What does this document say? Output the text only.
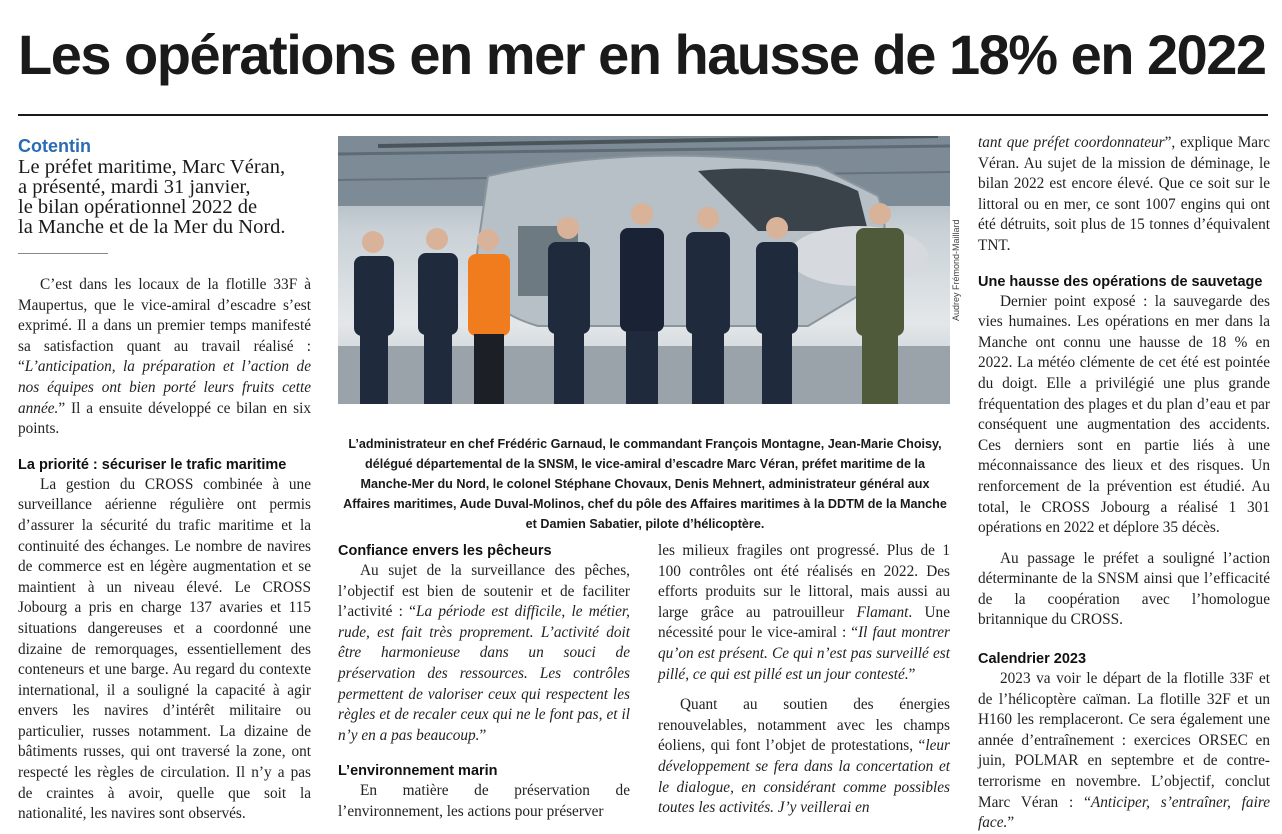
Les opérations en mer en hausse de 18% en 2022
Cotentin
Le préfet maritime, Marc Véran,
a présenté, mardi 31 janvier,
le bilan opérationnel 2022 de
la Manche et de la Mer du Nord.

C’est dans les locaux de la flotille 33F à Maupertus, que le vice-amiral d’escadre s’est exprimé. Il a dans un premier temps manifesté sa satisfaction quant au travail réalisé : “L’anticipation, la préparation et l’action de nos équipes ont bien porté leurs fruits cette année.” Il a ensuite développé ce bilan en six points.

La priorité : sécuriser le trafic maritime

La gestion du CROSS combinée à une surveillance aérienne régulière ont permis d’assurer la sécurité du trafic maritime et la continuité des échanges. Le nombre de navires de commerce est en légère augmentation et se maintient à un niveau élevé. Le CROSS Jobourg a pris en charge 137 avaries et 115 situations dangereuses et a coordonné une dizaine de remorquages, essentiellement des conteneurs et une barge. Au regard du contexte international, il a souligné la capacité à agir envers les navires d’intérêt militaire ou particulier, russes notamment. La dizaine de bâtiments russes, qui ont traversé la zone, ont respecté les règles de circulation. Il n’y a pas de craintes à avoir, quelle que soit la nationalité, les navires sont observés.

Audrey Frémond-Maillard
L’administrateur en chef Frédéric Garnaud, le commandant François Montagne, Jean-Marie Choisy, délégué départemental de la SNSM, le vice-amiral d’escadre Marc Véran, préfet maritime de la Manche-Mer du Nord, le colonel Stéphane Chovaux, Denis Mehnert, administrateur général aux Affaires maritimes, Aude Duval-Molinos, chef du pôle des Affaires maritimes à la DDTM de la Manche et Damien Sabatier, pilote d’hélicoptère.
Confiance envers les pêcheurs

Au sujet de la surveillance des pêches, l’objectif est bien de soutenir et de faciliter l’activité : “La période est difficile, le métier, rude, est fait très proprement. L’activité doit être harmonieuse dans un souci de préservation des ressources. Les contrôles permettent de valoriser ceux qui respectent les règles et de recaler ceux qui ne le font pas, et il n’y en a pas beaucoup.”

L’environnement marin

En matière de préservation de l’environnement, les actions pour préserver

les milieux fragiles ont progressé. Plus de 1 100 contrôles ont été réalisés en 2022. Des efforts produits sur le littoral, mais aussi au large grâce au patrouilleur Flamant. Une nécessité pour le vice-amiral : “Il faut montrer qu’on est présent. Ce qui n’est pas surveillé est pillé, ce qui est pillé est un jour contesté.”

Quant au soutien des énergies renouvelables, notamment avec les champs éoliens, qui font l’objet de protestations, “leur développement se fera dans la concertation et le dialogue, en considérant comme possibles toutes les activités. J’y veillerai en

tant que préfet coordonnateur”, explique Marc Véran. Au sujet de la mission de déminage, le bilan 2022 est encore élevé. Que ce soit sur le littoral ou en mer, ce sont 1007 engins qui ont été détruits, soit plus de 15 tonnes d’équivalent TNT.

Une hausse des opérations de sauvetage

Dernier point exposé : la sauvegarde des vies humaines. Les opérations en mer dans la Manche ont connu une hausse de 18 % en 2022. La météo clémente de cet été est pointée du doigt. Elle a privilégié une plus grande fréquentation des plages et du plan d’eau et par conséquent une augmentation des accidents. Ces derniers sont en partie liés à une méconnaissance des lieux et des risques. Un renforcement de la prévention est étudié. Au total, le CROSS Jobourg a réalisé 1 301 opérations en 2022 et déplore 35 décès.

Au passage le préfet a souligné l’action déterminante de la SNSM ainsi que l’efficacité de la coopération avec l’homologue britannique du CROSS.

Calendrier 2023

2023 va voir le départ de la flotille 33F et de l’hélicoptère caïman. La flotille 32F et un H160 les remplaceront. Ce sera également une année d’entraînement : exercices ORSEC en juin, POLMAR en septembre et de contre-terrorisme en novembre. L’objectif, conclut Marc Véran : “Anticiper, s’entraîner, faire face.”
